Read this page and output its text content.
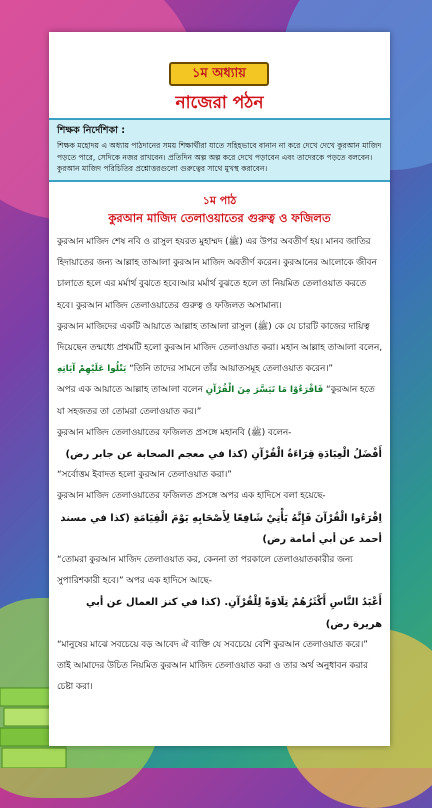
১ম অধ্যায়
নাজেরা পঠন
শিক্ষক নির্দেশিকা :
শিক্ষক মহোদয় এ অধ্যায় পাঠদানের সময় শিক্ষার্থীরা যাতে সহিহভাবে বানান না করে দেখে দেখে কুরআন মাজিদ পড়তে পারে, সেদিকে নজর রাখবেন। প্রতিদিন অল্প অল্প করে দেখে পড়াবেন এবং তাদেরকে পড়তে বলবেন। কুরআন মাজিদ পরিচিতির প্রশ্নোত্তরগুলো গুরুত্বের সাথে মুখস্থ করাবেন।
১ম পাঠ
কুরআন মাজিদ তেলাওয়াতের গুরুত্ব ও ফজিলত

কুরআন মাজিদ শেষ নবি ও রাসুল হযরত মুহাম্মদ (ﷺ) এর উপর অবতীর্ণ হয়। মানব জাতির হিদায়াতের জন্য আল্লাহ তাআলা কুরআন মাজিদ অবতীর্ণ করেন। কুরআনের আলোকে জীবন চালাতে হলে এর মর্মার্থ বুঝতে হবে।আর মর্মার্থ বুঝতে হলে তা নিয়মিত তেলাওয়াত করতে হবে। কুরআন মাজিদ তেলাওয়াতের গুরুত্ব ও ফজিলত অসামান্য।

কুরআন মাজিদের একটি আয়াতে আল্লাহ তাআলা রাসুল (ﷺ) কে যে চারটি কাজের দায়িত্ব দিয়েছেন তন্মধ্যে প্রথমটি হলো কুরআন মাজিদ তেলাওয়াত করা। মহান আল্লাহ তাআলা বলেন, يَتْلُوا عَلَيْهِمْ آيَاتِهِ “তিনি তাদের সামনে তাঁর আয়াতসমূহ তেলাওয়াত করেন।”

অপর এক আয়াতে আল্লাহ তাআলা বলেন فَاقْرَءُوْا مَا تَيَسَّرَ مِنَ الْقُرْآنِ “কুরআন হতে যা সহজতর তা তোমরা তেলাওয়াত কর।”

কুরআন মাজিদ তেলাওয়াতের ফজিলত প্রসঙ্গে মহানবি (ﷺ) বলেন-

أَفْضَلُ الْعِبَادَةِ قِرَاءَةُ الْقُرْآنِ (كذا في معجم الصحابة عن جابر رض)

“সর্বোত্তম ইবাদত হলো কুরআন তেলাওয়াত করা।”

কুরআন মাজিদ তেলাওয়াতের ফজিলত প্রসঙ্গে অপর এক হাদিসে বলা হয়েছে-

اِقْرَءُوا الْقُرْآنَ فَإِنَّهُ يَأْتِيْ شَافِعًا لِأَصْحَابِهِ يَوْمَ الْقِيَامَةِ (كذا في مسند أحمد عن أبي أمامة رض)

“তোমরা কুরআন মাজিদ তেলাওয়াত কর, কেননা তা পরকালে তেলাওয়াতকারীর জন্য সুপারিশকারী হবে।” অপর এক হাদিসে আছে-

أَعْبَدُ النَّاسِ أَكْثَرُهُمْ تِلَاوَةً لِلْقُرْآنِ. (كذا في كنز العمال عن أبي هريرة رض)

“মানুষের মাঝে সবচেয়ে বড় আবেদ ঐ ব্যক্তি যে সবচেয়ে বেশি কুরআন তেলাওয়াত করে।”

তাই আমাদের উচিত নিয়মিত কুরআন মাজিদ তেলাওয়াত করা ও তার অর্থ অনুধাবন করার চেষ্টা করা।
